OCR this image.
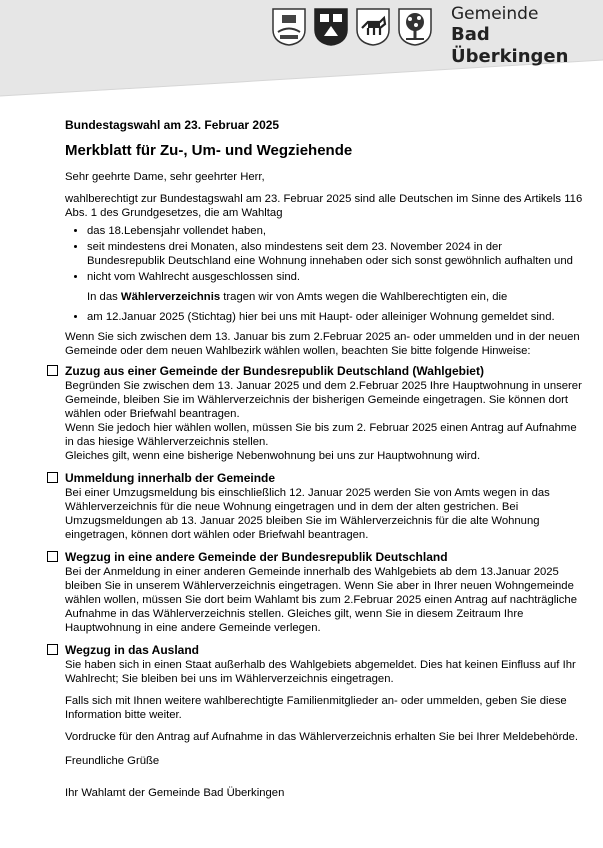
Gemeinde
Bad Überkingen
Bundestagswahl am 23. Februar 2025
Merkblatt für Zu-, Um- und Wegziehende

Sehr geehrte Dame, sehr geehrter Herr,

wahlberechtigt zur Bundestagswahl am 23. Februar 2025 sind alle Deutschen im Sinne des Artikels 116 Abs. 1 des Grundgesetzes, die am Wahltag

• das 18.Lebensjahr vollendet haben,
• seit mindestens drei Monaten, also mindestens seit dem 23. November 2024 in der Bundesrepublik Deutschland eine Wohnung innehaben oder sich sonst gewöhnlich aufhalten und
• nicht vom Wahlrecht ausgeschlossen sind.
In das Wählerverzeichnis tragen wir von Amts wegen die Wahlberechtigten ein, die
• am 12.Januar 2025 (Stichtag) hier bei uns mit Haupt- oder alleiniger Wohnung gemeldet sind.

Wenn Sie sich zwischen dem 13. Januar bis zum 2.Februar 2025 an- oder ummelden und in der neuen Gemeinde oder dem neuen Wahlbezirk wählen wollen, beachten Sie bitte folgende Hinweise:

Zuzug aus einer Gemeinde der Bundesrepublik Deutschland (Wahlgebiet)
Begründen Sie zwischen dem 13. Januar 2025 und dem 2.Februar 2025 Ihre Hauptwohnung in unserer Gemeinde, bleiben Sie im Wählerverzeichnis der bisherigen Gemeinde eingetragen. Sie können dort wählen oder Briefwahl beantragen.
Wenn Sie jedoch hier wählen wollen, müssen Sie bis zum 2. Februar 2025 einen Antrag auf Aufnahme in das hiesige Wählerverzeichnis stellen.
Gleiches gilt, wenn eine bisherige Nebenwohnung bei uns zur Hauptwohnung wird.
Ummeldung innerhalb der Gemeinde
Bei einer Umzugsmeldung bis einschließlich 12. Januar 2025 werden Sie von Amts wegen in das Wählerverzeichnis für die neue Wohnung eingetragen und in dem der alten gestrichen. Bei Umzugsmeldungen ab 13. Januar 2025 bleiben Sie im Wählerverzeichnis für die alte Wohnung eingetragen, können dort wählen oder Briefwahl beantragen.
Wegzug in eine andere Gemeinde der Bundesrepublik Deutschland
Bei der Anmeldung in einer anderen Gemeinde innerhalb des Wahlgebiets ab dem 13.Januar 2025 bleiben Sie in unserem Wählerverzeichnis eingetragen. Wenn Sie aber in Ihrer neuen Wohngemeinde wählen wollen, müssen Sie dort beim Wahlamt bis zum 2.Februar 2025 einen Antrag auf nachträgliche Aufnahme in das Wählerverzeichnis stellen. Gleiches gilt, wenn Sie in diesem Zeitraum Ihre Hauptwohnung in eine andere Gemeinde verlegen.
Wegzug in das Ausland
Sie haben sich in einen Staat außerhalb des Wahlgebiets abgemeldet. Dies hat keinen Einfluss auf Ihr Wahlrecht; Sie bleiben bei uns im Wählerverzeichnis eingetragen.

Falls sich mit Ihnen weitere wahlberechtigte Familienmitglieder an- oder ummelden, geben Sie diese Information bitte weiter.

Vordrucke für den Antrag auf Aufnahme in das Wählerverzeichnis erhalten Sie bei Ihrer Meldebehörde.

Freundliche Grüße

Ihr Wahlamt der Gemeinde Bad Überkingen
